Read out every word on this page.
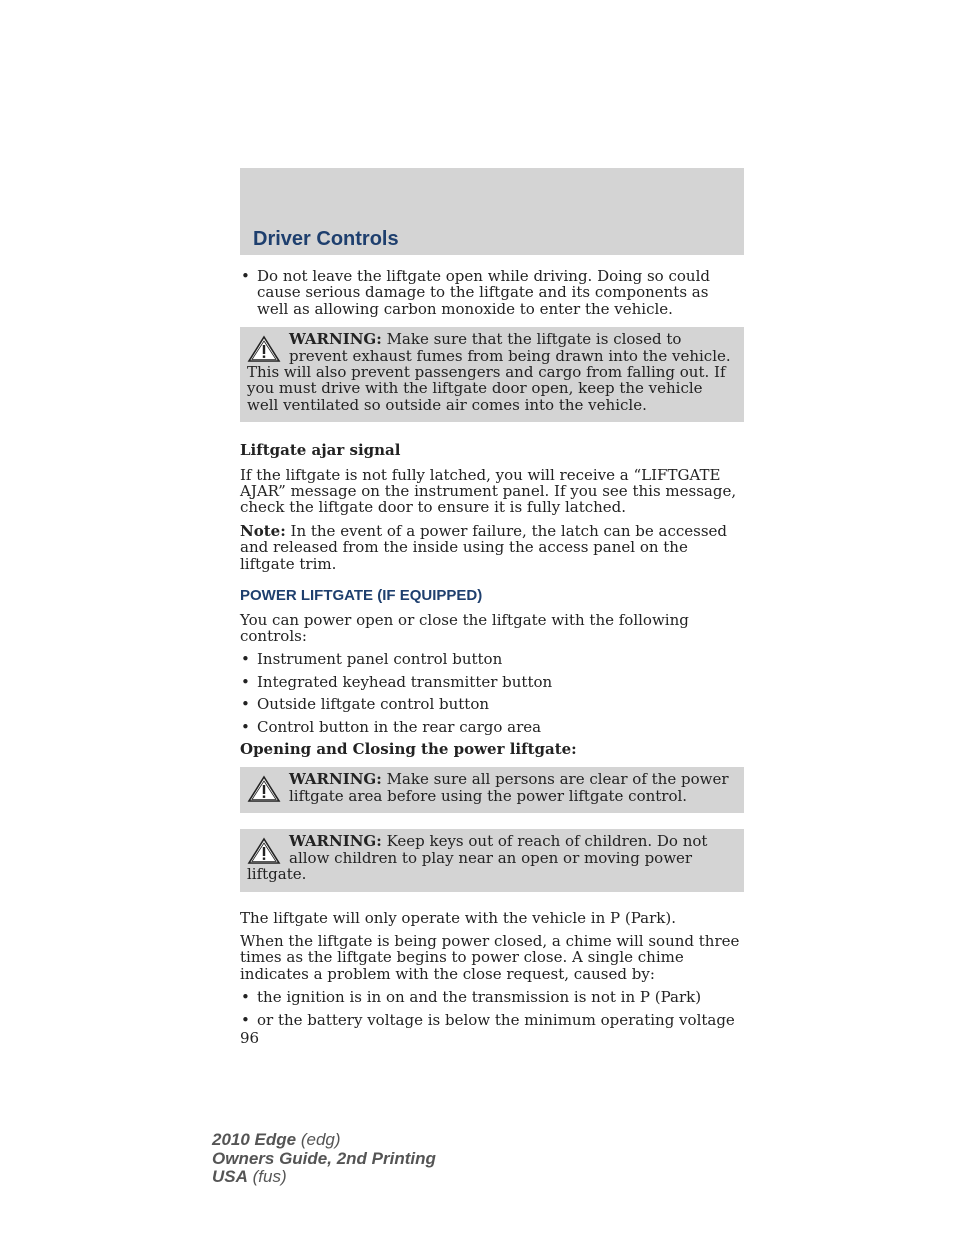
Driver Controls
• Do not leave the liftgate open while driving. Doing so could cause serious damage to the liftgate and its components as well as allowing carbon monoxide to enter the vehicle.
WARNING: Make sure that the liftgate is closed to prevent exhaust fumes from being drawn into the vehicle. This will also prevent passengers and cargo from falling out. If you must drive with the liftgate door open, keep the vehicle well ventilated so outside air comes into the vehicle.
Liftgate ajar signal

If the liftgate is not fully latched, you will receive a “LIFTGATE AJAR” message on the instrument panel. If you see this message, check the liftgate door to ensure it is fully latched.

Note: In the event of a power failure, the latch can be accessed and released from the inside using the access panel on the liftgate trim.

POWER LIFTGATE (IF EQUIPPED)

You can power open or close the liftgate with the following controls:

• Instrument panel control button
• Integrated keyhead transmitter button
• Outside liftgate control button
• Control button in the rear cargo area
Opening and Closing the power liftgate:
WARNING: Make sure all persons are clear of the power liftgate area before using the power liftgate control.
WARNING: Keep keys out of reach of children. Do not allow children to play near an open or moving power liftgate.

The liftgate will only operate with the vehicle in P (Park).

When the liftgate is being power closed, a chime will sound three times as the liftgate begins to power close. A single chime indicates a problem with the close request, caused by:

• the ignition is in on and the transmission is not in P (Park)
• or the battery voltage is below the minimum operating voltage
96
2010 Edge (edg)
Owners Guide, 2nd Printing
USA (fus)
